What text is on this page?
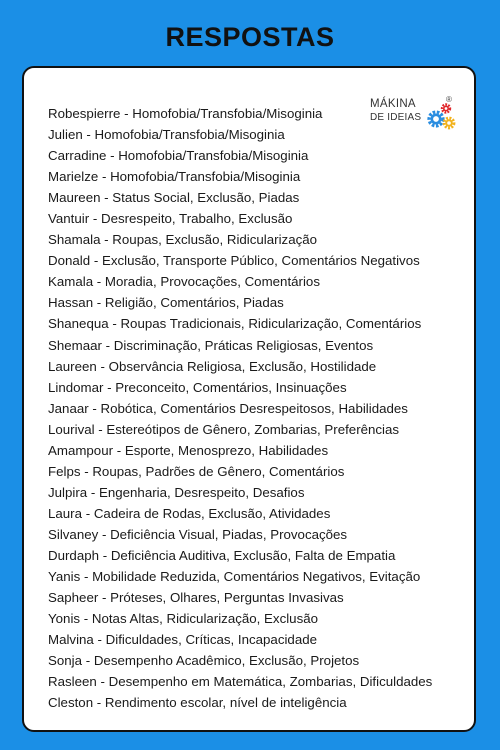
RESPOSTAS
MÁKINA
DE IDEIAS
®
Robespierre - Homofobia/Transfobia/Misoginia
Julien - Homofobia/Transfobia/Misoginia
Carradine - Homofobia/Transfobia/Misoginia
Marielze - Homofobia/Transfobia/Misoginia
Maureen - Status Social, Exclusão, Piadas
Vantuir - Desrespeito, Trabalho, Exclusão
Shamala - Roupas, Exclusão, Ridicularização
Donald - Exclusão, Transporte Público, Comentários Negativos
Kamala - Moradia, Provocações, Comentários
Hassan - Religião, Comentários, Piadas
Shanequa - Roupas Tradicionais, Ridicularização, Comentários
Shemaar - Discriminação, Práticas Religiosas, Eventos
Laureen - Observância Religiosa, Exclusão, Hostilidade
Lindomar - Preconceito, Comentários, Insinuações
Janaar - Robótica, Comentários Desrespeitosos, Habilidades
Lourival - Estereótipos de Gênero, Zombarias, Preferências
Amampour - Esporte, Menosprezo, Habilidades
Felps - Roupas, Padrões de Gênero, Comentários
Julpira - Engenharia, Desrespeito, Desafios
Laura - Cadeira de Rodas, Exclusão, Atividades
Silvaney - Deficiência Visual, Piadas, Provocações
Durdaph - Deficiência Auditiva, Exclusão, Falta de Empatia
Yanis - Mobilidade Reduzida, Comentários Negativos, Evitação
Sapheer - Próteses, Olhares, Perguntas Invasivas
Yonis - Notas Altas, Ridicularização, Exclusão
Malvina - Dificuldades, Críticas, Incapacidade
Sonja - Desempenho Acadêmico, Exclusão, Projetos
Rasleen - Desempenho em Matemática, Zombarias, Dificuldades
Cleston - Rendimento escolar, nível de inteligência
